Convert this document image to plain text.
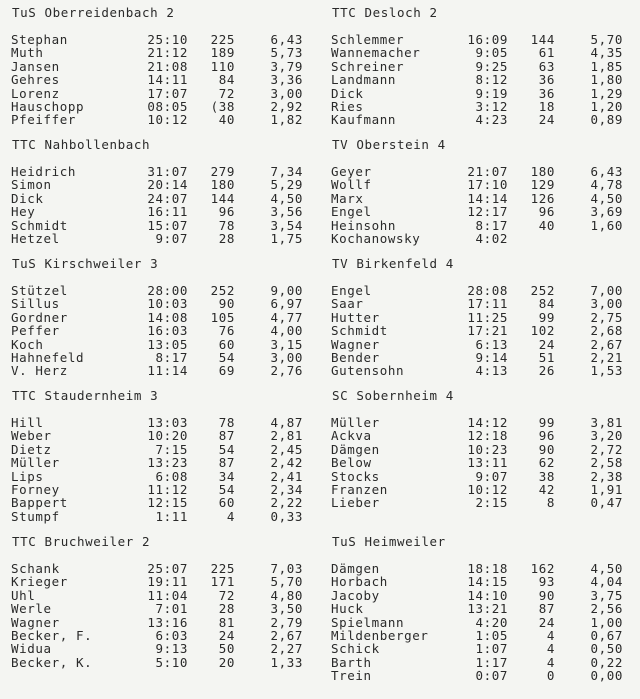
TuS Oberreidenbach 2
Stephan	25:10 225	6,43
Muth	21:12 189	5,73
Jansen	21:08 110	3,79
Gehres	14:11 84	3,36
Lorenz	17:07 72	3,00
Hauschopp	08:05 (38	2,92
Pfeiffer	10:12 40	1,82
TTC Nahbollenbach
Heidrich	31:07 279	7,34
Simon	20:14 180	5,29
Dick	24:07 144	4,50
Hey	16:11 96	3,56
Schmidt	15:07 78	3,54
Hetzel	9:07 28	1,75
TuS Kirschweiler 3
Stützel	28:00 252	9,00
Sillus	10:03 90	6,97
Gordner	14:08 105	4,77
Peffer	16:03 76	4,00
Koch	13:05 60	3,15
Hahnefeld	8:17 54	3,00
V. Herz	11:14 69	2,76
TTC Staudernheim 3
Hill	13:03 78	4,87
Weber	10:20 87	2,81
Dietz	7:15 54	2,45
Müller	13:23 87	2,42
Lips	6:08 34	2,41
Forney	11:12 54	2,34
Bappert	12:15 60	2,22
Stumpf	1:11	4	0,33
TTC Bruchweiler 2
Schank	25:07 225	7,03
Krieger	19:11 171	5,70
Uhl	11:04 72	4,80
Werle	7:01 28	3,50
Wagner	13:16 81	2,79
Becker, F.	6:03 24	2,67
Widua	9:13 50	2,27
Becker, K.	5:10 20	1,33
TTC Desloch 2
Schlemmer	16:09 144	5,70
Wannemacher	9:05 61	4,35
Schreiner	9:25 63	1,85
Landmann	8:12 36	1,80
Dick	9:19 36	1,29
Ries	3:12 18	1,20
Kaufmann	4:23 24	0,89
TV Oberstein 4
Geyer	21:07 180	6,43
Wollf	17:10 129	4,78
Marx	14:14 126	4,50
Engel	12:17 96	3,69
Heinsohn	8:17 40	1,60
Kochanowsky	4:02
TV Birkenfeld 4
Engel	28:08 252	7,00
Saar	17:11 84	3,00
Hutter	11:25 99	2,75
Schmidt	17:21 102	2,68
Wagner	6:13 24	2,67
Bender	9:14 51	2,21
Gutensohn	4:13 26	1,53
SC Sobernheim 4
Müller	14:12 99	3,81
Ackva	12:18 96	3,20
Dämgen	10:23 90	2,72
Below	13:11 62	2,58
Stocks	9:07 38	2,38
Franzen	10:12 42	1,91
Lieber	2:15	8	0,47
TuS Heimweiler
Dämgen	18:18 162	4,50
Horbach	14:15 93	4,04
Jacoby	14:10 90	3,75
Huck	13:21 87	2,56
Spielmann	4:20 24	1,00
Mildenberger	1:05	4	0,67
Schick	1:07	4	0,50
Barth	1:17	4	0,22
Trein	0:07	0	0,00
